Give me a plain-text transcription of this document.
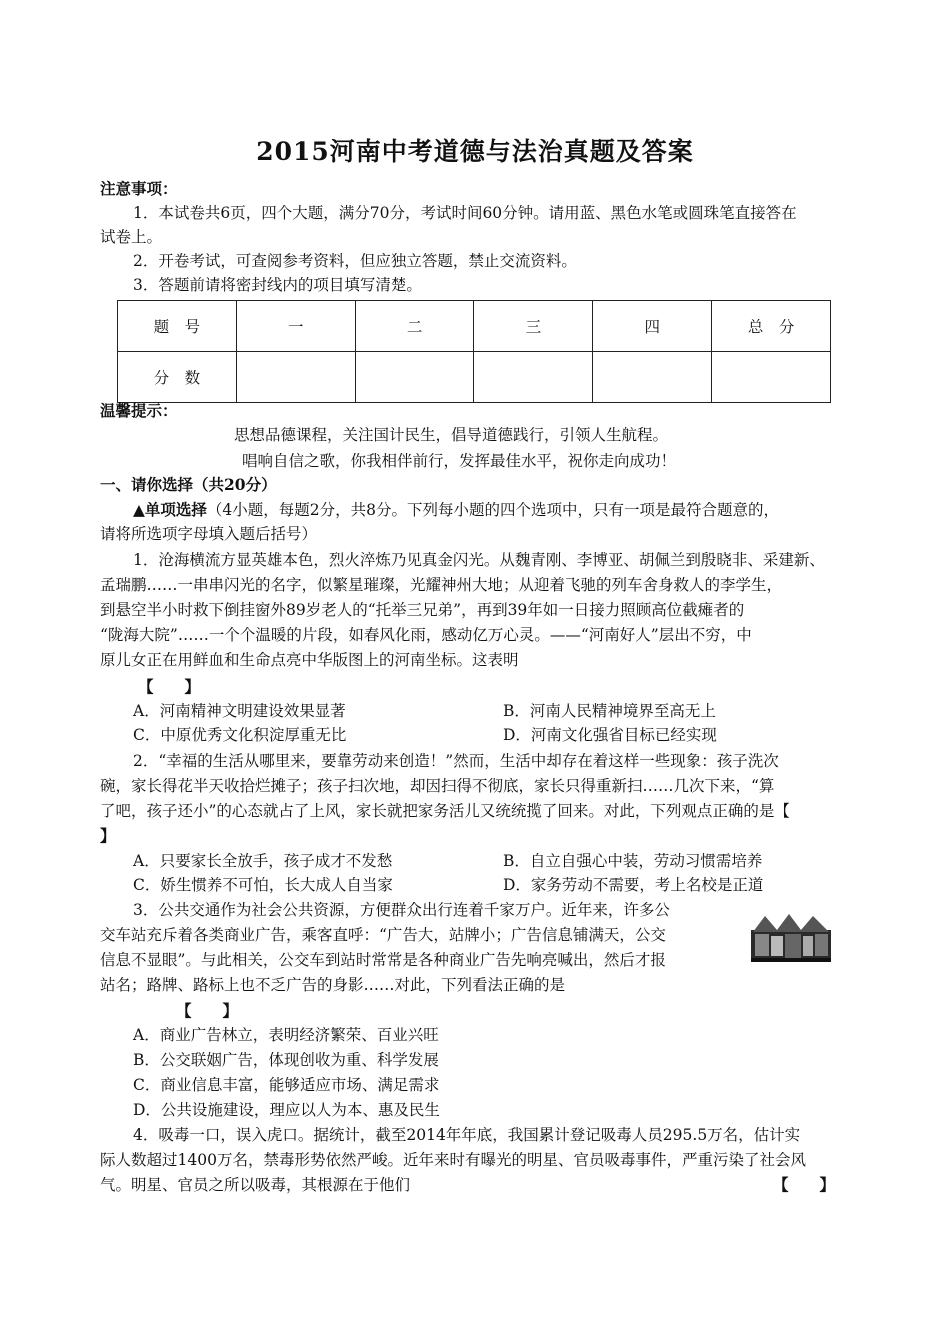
2015河南中考道德与法治真题及答案
注意事项：
1．本试卷共6页，四个大题，满分70分，考试时间60分钟。请用蓝、黑色水笔或圆珠笔直接答在
试卷上。
2．开卷考试，可查阅参考资料，但应独立答题，禁止交流资料。
3．答题前请将密封线内的项目填写清楚。
题　号	一	二	三	四	总　分
分　数					
温馨提示：
思想品德课程，关注国计民生，倡导道德践行，引领人生航程。
唱响自信之歌，你我相伴前行，发挥最佳水平，祝你走向成功！
一、请你选择（共20分）
▲单项选择（4小题，每题2分，共8分。下列每小题的四个选项中，只有一项是最符合题意的，
请将所选项字母填入题后括号）
1．沧海横流方显英雄本色，烈火淬炼乃见真金闪光。从魏青刚、李博亚、胡佩兰到殷晓非、采建新、
孟瑞鹏……一串串闪光的名字，似繁星璀璨，光耀神州大地；从迎着飞驰的列车舍身救人的李学生，
到悬空半小时救下倒挂窗外89岁老人的“托举三兄弟”，再到39年如一日接力照顾高位截瘫者的
“陇海大院”……一个个温暖的片段，如春风化雨，感动亿万心灵。——“河南好人”层出不穷，中
原儿女正在用鲜血和生命点亮中华版图上的河南坐标。这表明
【　　】
A．河南精神文明建设效果显著	B．河南人民精神境界至高无上
C．中原优秀文化积淀厚重无比	D．河南文化强省目标已经实现
2．“幸福的生活从哪里来，要靠劳动来创造！”然而，生活中却存在着这样一些现象：孩子洗次
碗，家长得花半天收拾烂摊子；孩子扫次地，却因扫得不彻底，家长只得重新扫……几次下来，“算
了吧，孩子还小”的心态就占了上风，家长就把家务活儿又统统揽了回来。对此，下列观点正确的是【
】
A．只要家长全放手，孩子成才不发愁	B．自立自强心中装，劳动习惯需培养
C．娇生惯养不可怕，长大成人自当家	D．家务劳动不需要，考上名校是正道
3．公共交通作为社会公共资源，方便群众出行连着千家万户。近年来，许多公
交车站充斥着各类商业广告，乘客直呼：“广告大，站牌小；广告信息铺满天，公交
信息不显眼”。与此相关，公交车到站时常常是各种商业广告先响亮喊出，然后才报
站名；路牌、路标上也不乏广告的身影……对此，下列看法正确的是
【　　】
A．商业广告林立，表明经济繁荣、百业兴旺
B．公交联姻广告，体现创收为重、科学发展
C．商业信息丰富，能够适应市场、满足需求
D．公共设施建设，理应以人为本、惠及民生
4．吸毒一口，误入虎口。据统计，截至2014年年底，我国累计登记吸毒人员295.5万名，估计实
际人数超过1400万名，禁毒形势依然严峻。近年来时有曝光的明星、官员吸毒事件，严重污染了社会风
气。明星、官员之所以吸毒，其根源在于他们	【　　】
